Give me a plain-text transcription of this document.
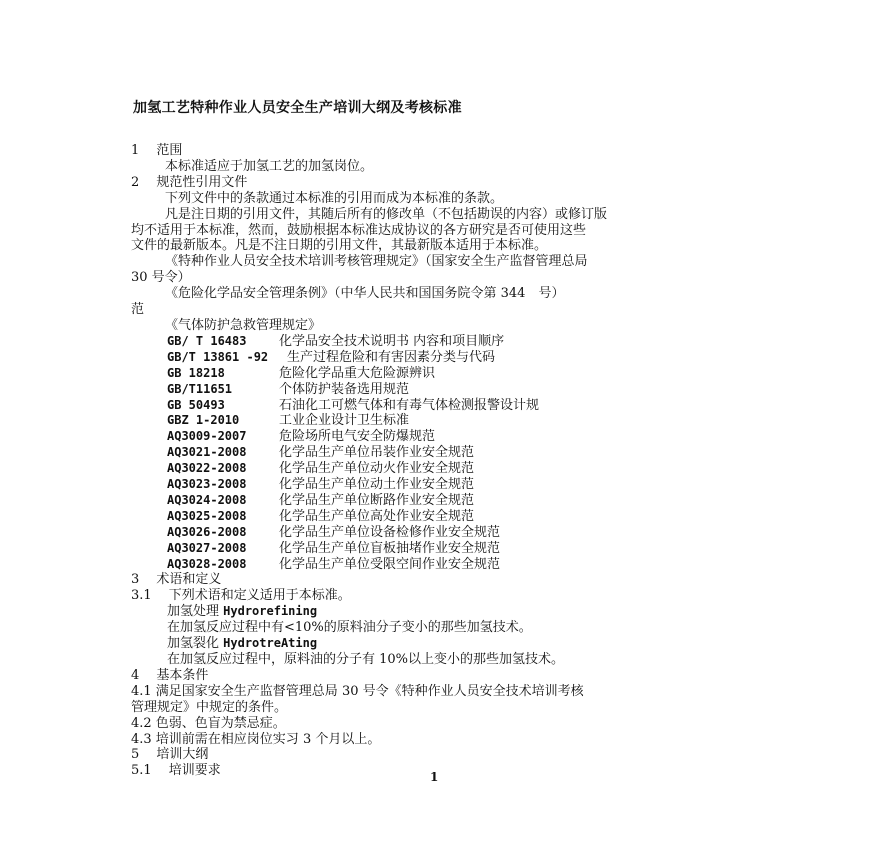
加氢工艺特种作业人员安全生产培训大纲及考核标准
1　 范围
本标准适应于加氢工艺的加氢岗位。
2　 规范性引用文件
下列文件中的条款通过本标准的引用而成为本标准的条款。
凡是注日期的引用文件，其随后所有的修改单（不包括勘误的内容）或修订版
均不适用于本标准，然而，鼓励根据本标准达成协议的各方研究是否可使用这些
文件的最新版本。凡是不注日期的引用文件，其最新版本适用于本标准。
《特种作业人员安全技术培训考核管理规定》（国家安全生产监督管理总局
30 号令）
《危险化学品安全管理条例》（中华人民共和国国务院令第 344　号）
范
《气体防护急救管理规定》
GB/ T 16483	化学品安全技术说明书 内容和项目顺序
GB/T 13861 -92 生产过程危险和有害因素分类与代码
GB 18218	危险化学品重大危险源辨识
GB/T11651	个体防护装备选用规范
GB 50493	石油化工可燃气体和有毒气体检测报警设计规
GBZ 1-2010	工业企业设计卫生标准
AQ3009-2007	危险场所电气安全防爆规范
AQ3021-2008	化学品生产单位吊装作业安全规范
AQ3022-2008	化学品生产单位动火作业安全规范
AQ3023-2008	化学品生产单位动土作业安全规范
AQ3024-2008	化学品生产单位断路作业安全规范
AQ3025-2008	化学品生产单位高处作业安全规范
AQ3026-2008	化学品生产单位设备检修作业安全规范
AQ3027-2008	化学品生产单位盲板抽堵作业安全规范
AQ3028-2008	化学品生产单位受限空间作业安全规范
3　 术语和定义
3.1　 下列术语和定义适用于本标准。
加氢处理 Hydrorefining
在加氢反应过程中有<10%的原料油分子变小的那些加氢技术。
加氢裂化 HydrotreAting
在加氢反应过程中，原料油的分子有 10%以上变小的那些加氢技术。
4　 基本条件
4.1 满足国家安全生产监督管理总局 30 号令《特种作业人员安全技术培训考核
管理规定》中规定的条件。
4.2 色弱、色盲为禁忌症。
4.3 培训前需在相应岗位实习 3 个月以上。
5　 培训大纲
5.1　 培训要求	1
